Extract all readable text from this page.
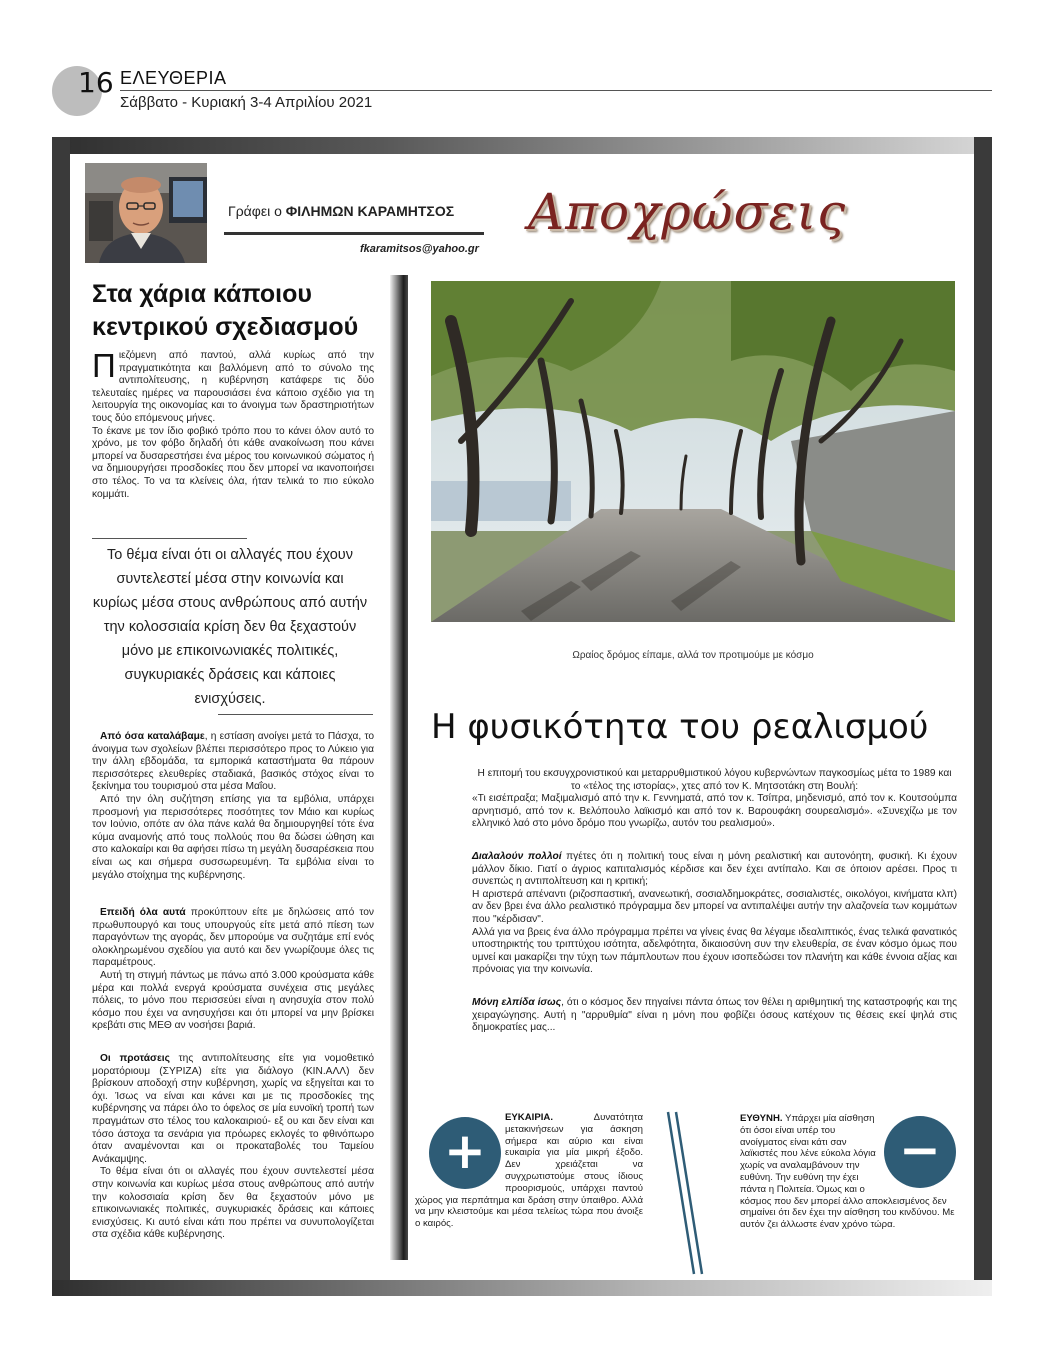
16 ΕΛΕΥΘΕΡΙΑ
Σάββατο - Κυριακή 3-4 Απριλίου 2021
Γράφει ο ΦΙΛΗΜΩΝ ΚΑΡΑΜΗΤΣΟΣ
fkaramitsos@yahoo.gr
Αποχρώσεις
Στα χάρια κάποιου κεντρικού σχεδιασμού

Πιεζόμενη από παντού, αλλά κυρίως από την πραγματικότητα και βαλλόμενη από το σύνολο της αντιπολίτευσης, η κυβέρνηση κατάφερε τις δύο τελευταίες ημέρες να παρουσιάσει ένα κάποιο σχέδιο για τη λειτουργία της οικονομίας και το άνοιγμα των δραστηριοτήτων τους δύο επόμενους μήνες.

Το έκανε με τον ίδιο φοβικό τρόπο που το κάνει όλον αυτό το χρόνο, με τον φόβο δηλαδή ότι κάθε ανακοίνωση που κάνει μπορεί να δυσαρεστήσει ένα μέρος του κοινωνικού σώματος ή να δημιουργήσει προσδοκίες που δεν μπορεί να ικανοποιήσει στο τέλος. Το να τα κλείνεις όλα, ήταν τελικά το πιο εύκολο κομμάτι.

Το θέμα είναι ότι οι αλλαγές που έχουν συντελεστεί μέσα στην κοινωνία και κυρίως μέσα στους ανθρώπους από αυτήν την κολοσσιαία κρίση δεν θα ξεχαστούν μόνο με επικοινωνιακές πολιτικές, συγκυριακές δράσεις και κάποιες ενισχύσεις.

Από όσα καταλάβαμε, η εστίαση ανοίγει μετά το Πάσχα, το άνοιγμα των σχολείων βλέπει περισσότερο προς το Λύκειο για την άλλη εβδομάδα, τα εμπορικά καταστήματα θα πάρουν περισσότερες ελευθερίες σταδιακά, βασικός στόχος είναι το ξεκίνημα του τουρισμού στα μέσα Μαΐου.

Από την όλη συζήτηση επίσης για τα εμβόλια, υπάρχει προσμονή για περισσότερες ποσότητες τον Μάιο και κυρίως τον Ιούνιο, οπότε αν όλα πάνε καλά θα δημιουργηθεί τότε ένα κύμα αναμονής από τους πολλούς που θα δώσει ώθηση και στο καλοκαίρι και θα αφήσει πίσω τη μεγάλη δυσαρέσκεια που είναι ως και σήμερα συσσωρευμένη. Τα εμβόλια είναι το μεγάλο στοίχημα της κυβέρνησης.

Επειδή όλα αυτά προκύπτουν είτε με δηλώσεις από τον πρωθυπουργό και τους υπουργούς είτε μετά από πίεση των παραγόντων της αγοράς, δεν μπορούμε να συζητάμε επί ενός ολοκληρωμένου σχεδίου για αυτό και δεν γνωρίζουμε όλες τις παραμέτρους.

Αυτή τη στιγμή πάντως με πάνω από 3.000 κρούσματα κάθε μέρα και πολλά ενεργά κρούσματα συνέχεια στις μεγάλες πόλεις, το μόνο που περισσεύει είναι η ανησυχία στον πολύ κόσμο που έχει να ανησυχήσει και ότι μπορεί να μην βρίσκει κρεβάτι στις ΜΕΘ αν νοσήσει βαριά.

Οι προτάσεις της αντιπολίτευσης είτε για νομοθετικό μορατόριουμ (ΣΥΡΙΖΑ) είτε για διάλογο (ΚΙΝ.ΑΛΛ) δεν βρίσκουν αποδοχή στην κυβέρνηση, χωρίς να εξηγείται και το όχι. Ίσως να είναι και κάνει και με τις προσδοκίες της κυβέρνησης να πάρει όλο το όφελος σε μία ευνοϊκή τροπή των πραγμάτων στο τέλος του καλοκαιριού- εξ ου και δεν είναι και τόσο άστοχα τα σενάρια για πρόωρες εκλογές το φθινόπωρο όταν αναμένονται και οι προκαταβολές του Ταμείου Ανάκαμψης.

Το θέμα είναι ότι οι αλλαγές που έχουν συντελεστεί μέσα στην κοινωνία και κυρίως μέσα στους ανθρώπους από αυτήν την κολοσσιαία κρίση δεν θα ξεχαστούν μόνο με επικοινωνιακές πολιτικές, συγκυριακές δράσεις και κάποιες ενισχύσεις. Κι αυτό είναι κάτι που πρέπει να συνυπολογίζεται στα σχέδια κάθε κυβέρνησης.

Ωραίος δρόμος είπαμε, αλλά τον προτιμούμε με κόσμο
Η φυσικότητα του ρεαλισμού

Η επιτομή του εκσυγχρονιστικού και μεταρρυθμιστικού λόγου κυβερνώντων παγκοσμίως μέτα το 1989 και το «τέλος της ιστορίας», χτες από τον Κ. Μητσοτάκη στη Βουλή:

«Τι εισέπραξα; Μαξιμαλισμό από την κ. Γεννηματά, από τον κ. Τσίπρα, μηδενισμό, από τον κ. Κουτσούμπα αρνητισμό, από τον κ. Βελόπουλο λαϊκισμό και από τον κ. Βαρουφάκη σουρεαλισμό». «Συνεχίζω με τον ελληνικό λαό στο μόνο δρόμο που γνωρίζω, αυτόν του ρεαλισμού».

Διαλαλούν πολλοί πγέτες ότι η πολιτική τους είναι η μόνη ρεαλιστική και αυτονόητη, φυσική. Κι έχουν μάλλον δίκιο. Γιατί ο άγριος καπιταλισμός κέρδισε και δεν έχει αντίπαλο. Και σε όποιον αρέσει. Προς τι συνεπώς η αντιπολίτευση και η κριτική;

Η αριστερά απέναντι (ριζοσπαστική, ανανεωτική, σοσιαλδημοκράτες, σοσιαλιστές, οικολόγοι, κινήματα κλπ) αν δεν βρει ένα άλλο ρεαλιστικό πρόγραμμα δεν μπορεί να αντιπαλέψει αυτήν την αλαζονεία των κομμάτων που "κέρδισαν".

Αλλά για να βρεις ένα άλλο πρόγραμμα πρέπει να γίνεις ένας θα λέγαμε ιδεαλιπτικός, ένας τελικά φανατικός υποστηρικτής του τριπτύχου ισότητα, αδελφότητα, δικαιοσύνη συν την ελευθερία, σε έναν κόσμο όμως που υμνεί και μακαρίζει την τύχη των πάμπλουτων που έχουν ισοπεδώσει τον πλανήτη και κάθε έννοια αξίας και πρόνοιας για την κοινωνία.

Μόνη ελπίδα ίσως, ότι ο κόσμος δεν πηγαίνει πάντα όπως τον θέλει η αριθμητική της καταστροφής και της χειραγώγησης. Αυτή η "αρρυθμία" είναι η μόνη που φοβίζει όσους κατέχουν τις θέσεις εκεί ψηλά στις δημοκρατίες μας...

ΕΥΚΑΙΡΙΑ. Δυνατότητα μετακινήσεων για άσκηση σήμερα και αύριο και είναι ευκαιρία για μία μικρή έξοδο. Δεν χρειάζεται να συγχρωτιστούμε στους ίδιους προορισμούς, υπάρχει παντού χώρος για περπάτημα και δράση στην ύπαιθρο. Αλλά να μην κλειστούμε και μέσα τελείως τώρα που άνοιξε ο καιρός.
+
ΕΥΘΥΝΗ. Υπάρχει μία αίσθηση ότι όσοι είναι υπέρ του ανοίγματος είναι κάτι σαν λαϊκιστές που λένε εύκολα λόγια χωρίς να αναλαμβάνουν την ευθύνη. Την ευθύνη την έχει πάντα η Πολιτεία. Όμως και ο κόσμος που δεν μπορεί άλλο αποκλεισμένος δεν σημαίνει ότι δεν έχει την αίσθηση του κινδύνου. Με αυτόν ζει άλλωστε έναν χρόνο τώρα.
−
